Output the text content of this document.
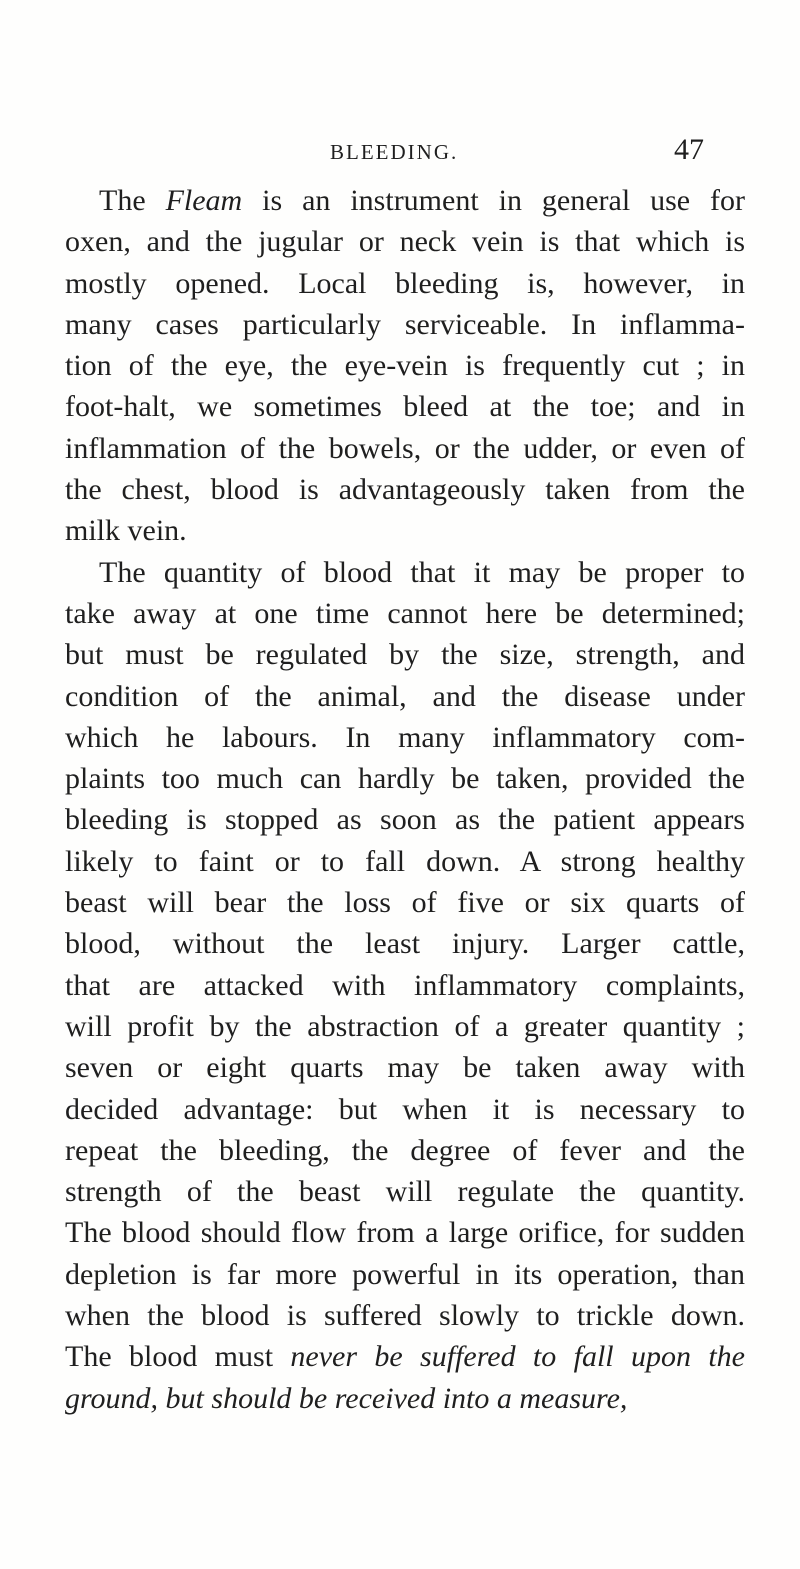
BLEEDING.	47
The Fleam is an instrument in general use for
oxen, and the jugular or neck vein is that which is
mostly opened. Local bleeding is, however, in
many cases particularly serviceable. In inflamma-
tion of the eye, the eye-vein is frequently cut ; in
foot-halt, we sometimes bleed at the toe; and in
inflammation of the bowels, or the udder, or even of
the chest, blood is advantageously taken from the
milk vein.
The quantity of blood that it may be proper to
take away at one time cannot here be determined;
but must be regulated by the size, strength, and
condition of the animal, and the disease under
which he labours. In many inflammatory com-
plaints too much can hardly be taken, provided the
bleeding is stopped as soon as the patient appears
likely to faint or to fall down. A strong healthy
beast will bear the loss of five or six quarts of
blood, without the least injury. Larger cattle,
that are attacked with inflammatory complaints,
will profit by the abstraction of a greater quantity ;
seven or eight quarts may be taken away with
decided advantage: but when it is necessary to
repeat the bleeding, the degree of fever and the
strength of the beast will regulate the quantity.
The blood should flow from a large orifice, for sudden
depletion is far more powerful in its operation, than
when the blood is suffered slowly to trickle down.
The blood must never be suffered to fall upon the
ground, but should be received into a measure,
